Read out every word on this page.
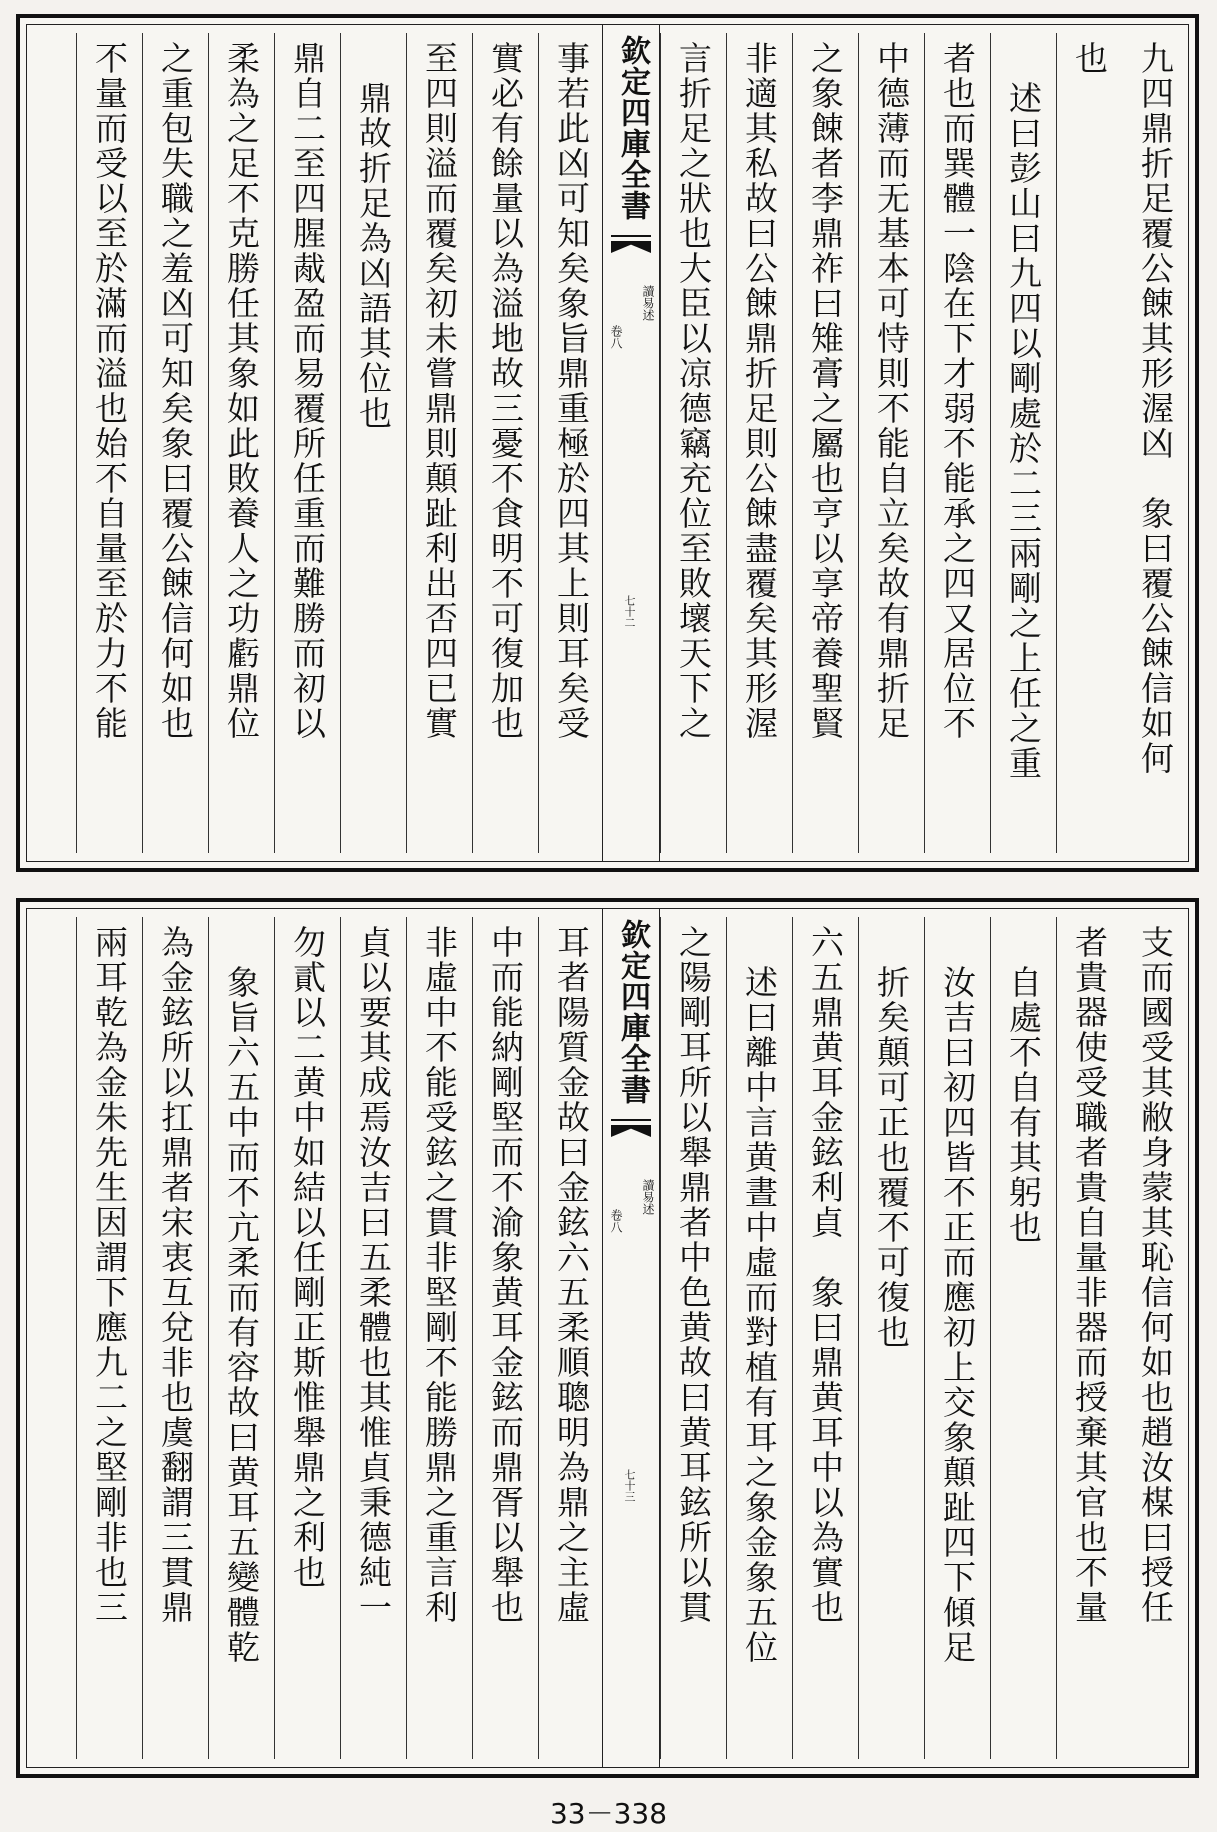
九四鼎折足覆公餗其形渥凶　象曰覆公餗信如何
也
述曰彭山曰九四以剛處於二三兩剛之上任之重
者也而巽體一陰在下才弱不能承之四又居位不
中德薄而无基本可恃則不能自立矣故有鼎折足
之象餗者李鼎祚曰雉膏之屬也亨以享帝養聖賢
非適其私故曰公餗鼎折足則公餗盡覆矣其形渥
言折足之狀也大臣以凉德竊充位至敗壞天下之
欽定四庫全書
讀易述
卷八
七十二
事若此凶可知矣象旨鼎重極於四其上則耳矣受
實必有餘量以為溢地故三憂不食明不可復加也
至四則溢而覆矣初未嘗鼎則顛趾利出否四已實
鼎故折足為凶語其位也
鼎自二至四腥胾盈而易覆所任重而難勝而初以
柔為之足不克勝任其象如此敗養人之功虧鼎位
之重包失職之羞凶可知矣象曰覆公餗信何如也
不量而受以至於滿而溢也始不自量至於力不能
支而國受其敝身蒙其恥信何如也趙汝楳曰授任
者貴器使受職者貴自量非器而授棄其官也不量
自處不自有其躬也
汝吉曰初四皆不正而應初上交象顛趾四下傾足
折矣顛可正也覆不可復也
六五鼎黄耳金鉉利貞　象曰鼎黄耳中以為實也
述曰離中言黄晝中虛而對植有耳之象金象五位
之陽剛耳所以舉鼎者中色黄故曰黄耳鉉所以貫
欽定四庫全書
讀易述
卷八
七十三
耳者陽質金故曰金鉉六五柔順聰明為鼎之主虛
中而能納剛堅而不渝象黄耳金鉉而鼎胥以舉也
非虛中不能受鉉之貫非堅剛不能勝鼎之重言利
貞以要其成焉汝吉曰五柔體也其惟貞秉德純一
勿貳以二黄中如結以任剛正斯惟舉鼎之利也
象旨六五中而不亢柔而有容故曰黄耳五變體乾
為金鉉所以扛鼎者宋衷互兌非也虞翻謂三貫鼎
兩耳乾為金朱先生因謂下應九二之堅剛非也三
33－338
